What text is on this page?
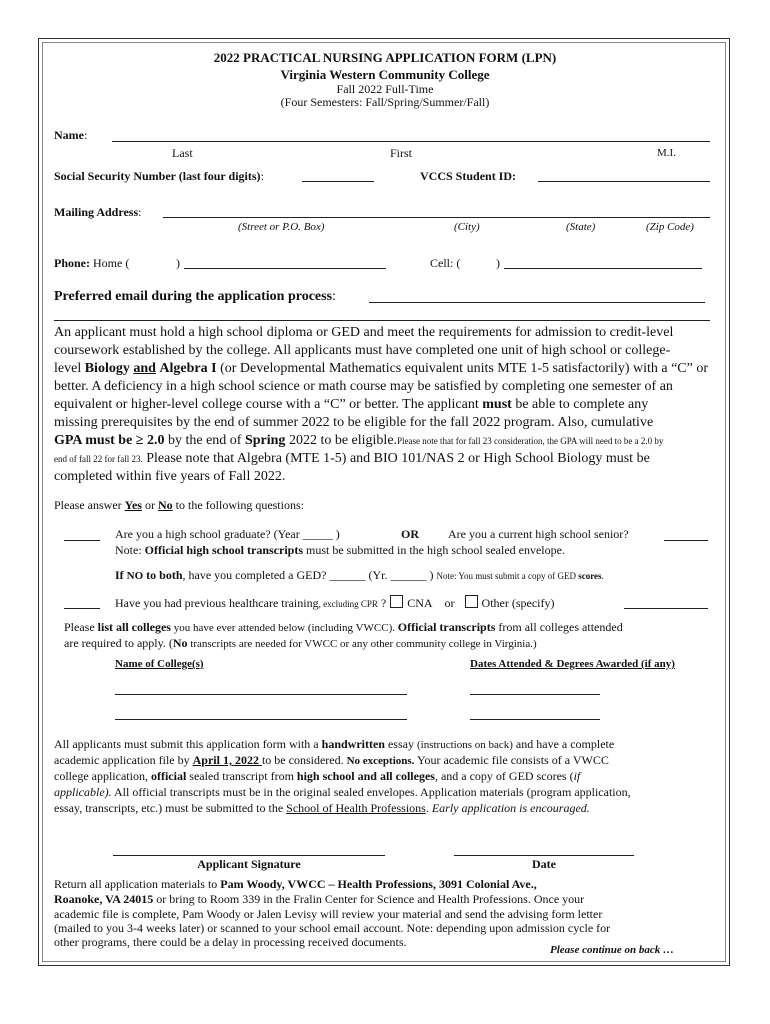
2022 PRACTICAL NURSING APPLICATION FORM (LPN)
Virginia Western Community College
Fall 2022 Full-Time
(Four Semesters: Fall/Spring/Summer/Fall)
Name:
Last	First	M.I.
Social Security Number (last four digits):	VCCS Student ID:
Mailing Address:
(Street or P.O. Box)	(City)	(State)	(Zip Code)
Phone: Home (	)	Cell: (	)
Preferred email during the application process:
An applicant must hold a high school diploma or GED and meet the requirements for admission to credit-level
coursework established by the college. All applicants must have completed one unit of high school or college-
level Biology and Algebra I (or Developmental Mathematics equivalent units MTE 1-5 satisfactorily) with a “C” or
better. A deficiency in a high school science or math course may be satisfied by completing one semester of an
equivalent or higher-level college course with a “C” or better. The applicant must be able to complete any
missing prerequisites by the end of summer 2022 to be eligible for the fall 2022 program. Also, cumulative
GPA must be ≥ 2.0 by the end of Spring 2022 to be eligible.Please note that for fall 23 consideration, the GPA will need to be a 2.0 by
end of fall 22 for fall 23. Please note that Algebra (MTE 1-5) and BIO 101/NAS 2 or High School Biology must be
completed within five years of Fall 2022.
Please answer Yes or No to the following questions:
Are you a high school graduate? (Year _____ )	OR Are you a current high school senior?
Note: Official high school transcripts must be submitted in the high school sealed envelope.
If NO to both, have you completed a GED? ______ (Yr. ______ ) Note: You must submit a copy of GED scores.
Have you had previous healthcare training, excluding CPR ? CNA or Other (specify)
Please list all colleges you have ever attended below (including VWCC). Official transcripts from all colleges attended
are required to apply. (No transcripts are needed for VWCC or any other community college in Virginia.)
Name of College(s)	Dates Attended & Degrees Awarded (if any)
All applicants must submit this application form with a handwritten essay (instructions on back) and have a complete
academic application file by April 1, 2022 to be considered. No exceptions. Your academic file consists of a VWCC
college application, official sealed transcript from high school and all colleges, and a copy of GED scores (if
applicable). All official transcripts must be in the original sealed envelopes. Application materials (program application,
essay, transcripts, etc.) must be submitted to the School of Health Professions. Early application is encouraged.
Applicant Signature	Date
Return all application materials to Pam Woody, VWCC – Health Professions, 3091 Colonial Ave.,
Roanoke, VA 24015 or bring to Room 339 in the Fralin Center for Science and Health Professions. Once your
academic file is complete, Pam Woody or Jalen Levisy will review your material and send the advising form letter
(mailed to you 3-4 weeks later) or scanned to your school email account. Note: depending upon admission cycle for
other programs, there could be a delay in processing received documents.
Please continue on back …
